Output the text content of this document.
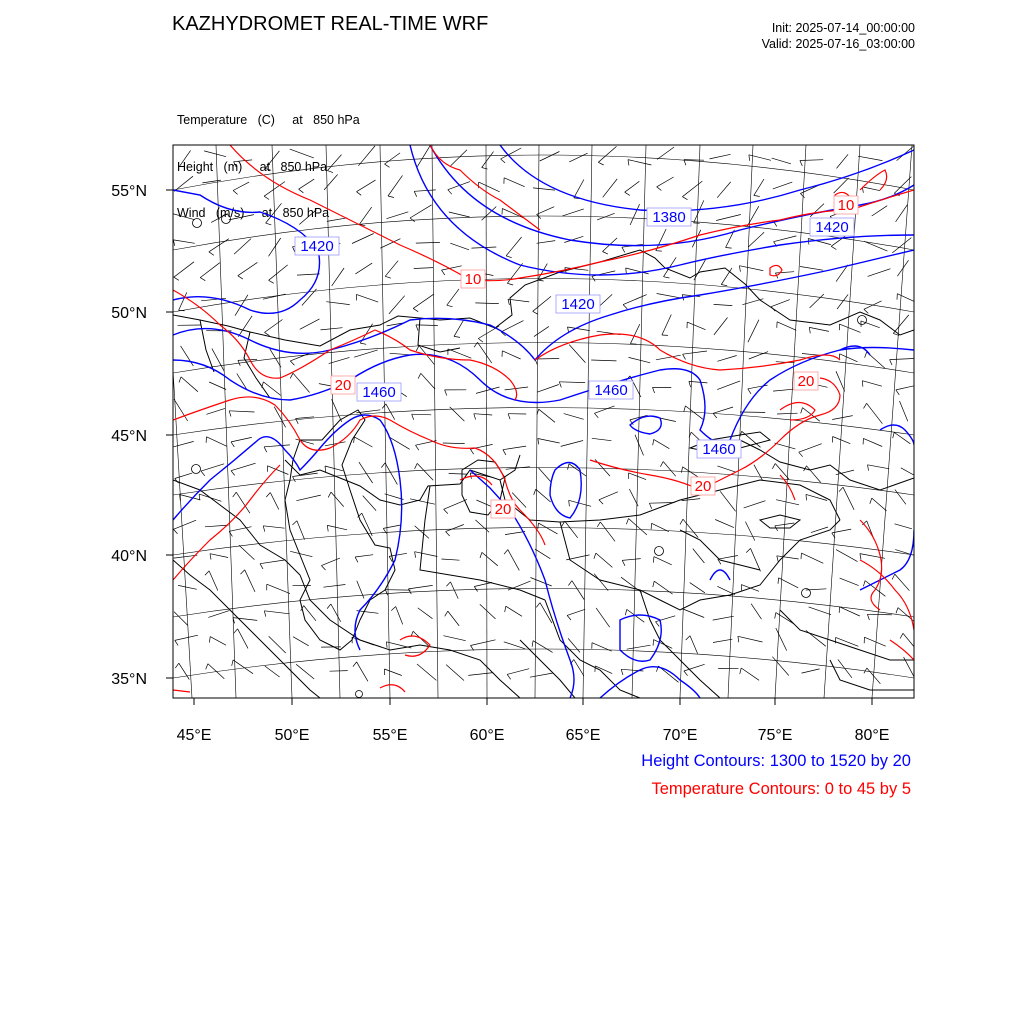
KAZHYDROMET REAL-TIME WRF	Init: 2025-07-14_00:00:00
Valid: 2025-07-16_03:00:00

Temperature   (C)     at   850 hPa

Height   (m)     at   850 hPa

Wind   (m/s)     at   850 hPa

1420
1380
1420
1420
1460	1460
1460
10
10
20	20
20
20
45°E	50°E	55°E	60°E	65°E	70°E	75°E	80°E
55°N
50°N
45°N
40°N
35°N
Height Contours: 1300 to 1520 by 20
Temperature Contours: 0 to 45 by 5
